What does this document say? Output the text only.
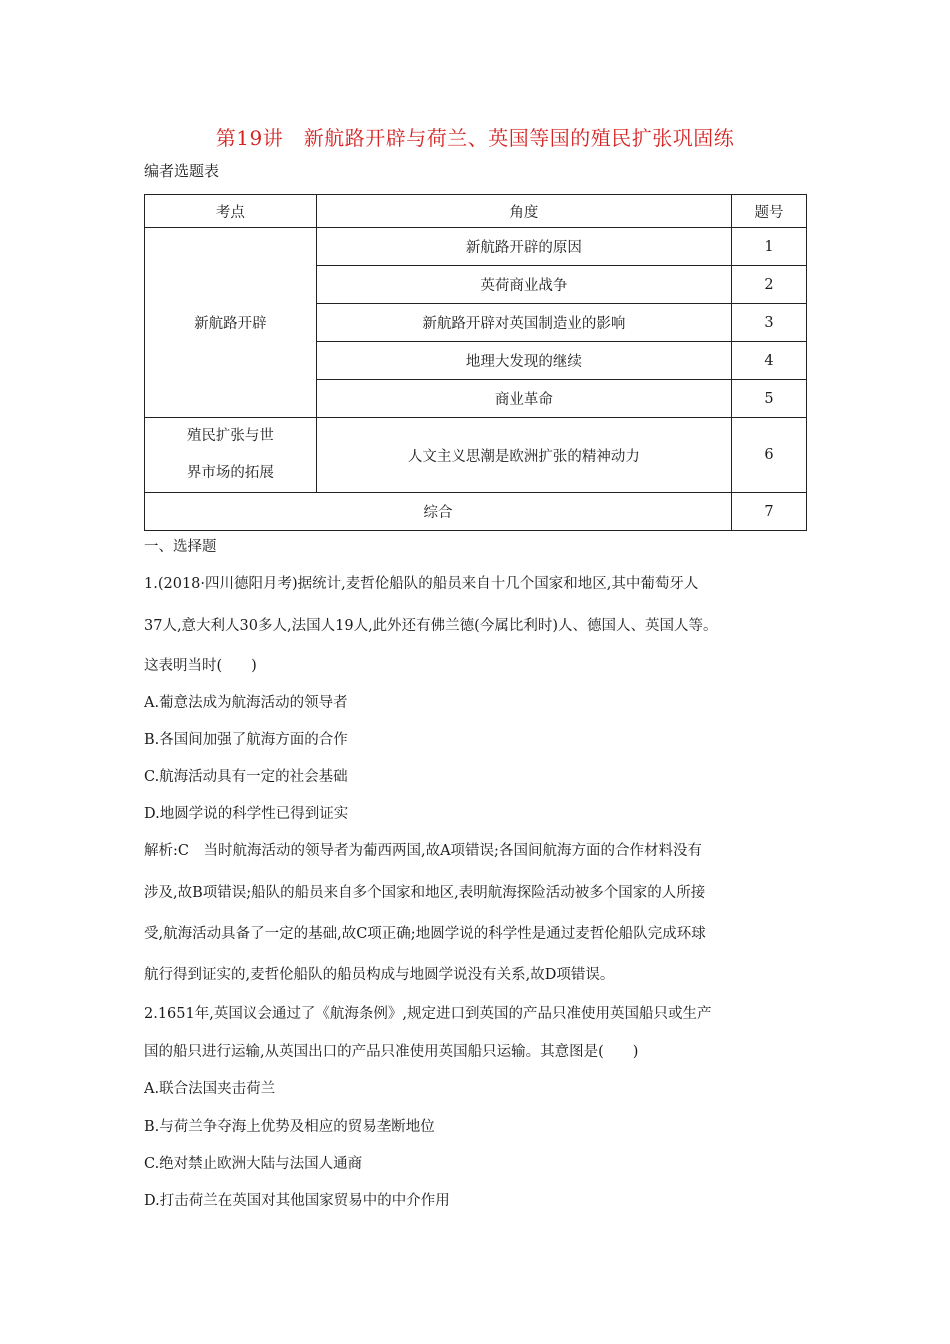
第19讲　新航路开辟与荷兰、英国等国的殖民扩张巩固练
编者选题表
考点	角度	题号
新航路开辟	新航路开辟的原因	1
	英荷商业战争	2
	新航路开辟对英国制造业的影响	3
	地理大发现的继续	4
	商业革命	5

殖民扩张与世
界市场的拓展	人文主义思潮是欧洲扩张的精神动力	6
综合		7
一、选择题
1.(2018·四川德阳月考)据统计,麦哲伦船队的船员来自十几个国家和地区,其中葡萄牙人
37人,意大利人30多人,法国人19人,此外还有佛兰德(今属比利时)人、德国人、英国人等。
这表明当时(　　)
A.葡意法成为航海活动的领导者
B.各国间加强了航海方面的合作
C.航海活动具有一定的社会基础
D.地圆学说的科学性已得到证实
解析:C　当时航海活动的领导者为葡西两国,故A项错误;各国间航海方面的合作材料没有
涉及,故B项错误;船队的船员来自多个国家和地区,表明航海探险活动被多个国家的人所接
受,航海活动具备了一定的基础,故C项正确;地圆学说的科学性是通过麦哲伦船队完成环球
航行得到证实的,麦哲伦船队的船员构成与地圆学说没有关系,故D项错误。
2.1651年,英国议会通过了《航海条例》,规定进口到英国的产品只准使用英国船只或生产
国的船只进行运输,从英国出口的产品只准使用英国船只运输。其意图是(　　)
A.联合法国夹击荷兰
B.与荷兰争夺海上优势及相应的贸易垄断地位
C.绝对禁止欧洲大陆与法国人通商
D.打击荷兰在英国对其他国家贸易中的中介作用
